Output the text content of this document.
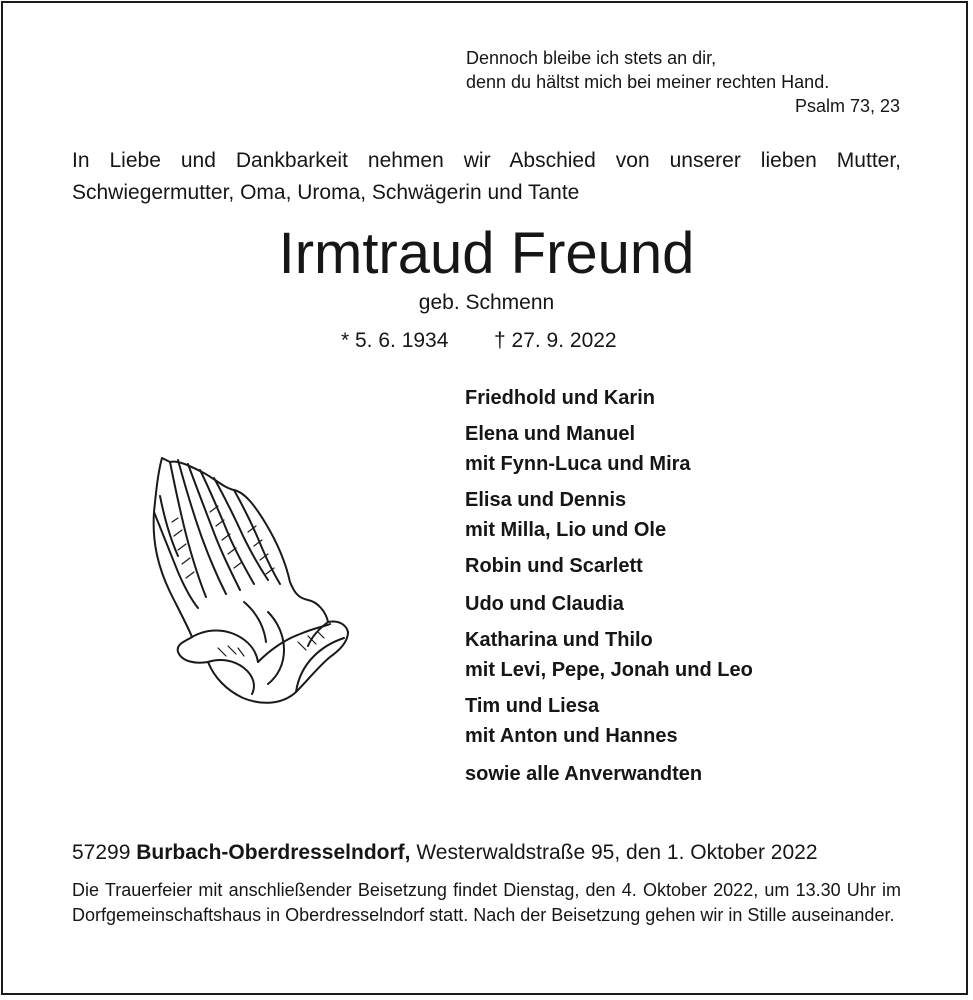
Dennoch bleibe ich stets an dir,
denn du hältst mich bei meiner rechten Hand.
Psalm 73, 23
In Liebe und Dankbarkeit nehmen wir Abschied von unserer lieben Mutter,
Schwiegermutter, Oma, Uroma, Schwägerin und Tante
Irmtraud Freund
geb. Schmenn
* 5. 6. 1934 † 27. 9. 2022
Friedhold und Karin
Elena und Manuel
mit Fynn-Luca und Mira
Elisa und Dennis
mit Milla, Lio und Ole
Robin und Scarlett
Udo und Claudia
Katharina und Thilo
mit Levi, Pepe, Jonah und Leo
Tim und Liesa
mit Anton und Hannes
sowie alle Anverwandten
57299 Burbach-Oberdresselndorf, Westerwaldstraße 95, den 1. Oktober 2022
Die Trauerfeier mit anschließender Beisetzung findet Dienstag, den 4. Oktober 2022, um 13.30 Uhr im Dorfgemeinschaftshaus in Oberdresselndorf statt. Nach der Beisetzung gehen wir in Stille auseinander.
